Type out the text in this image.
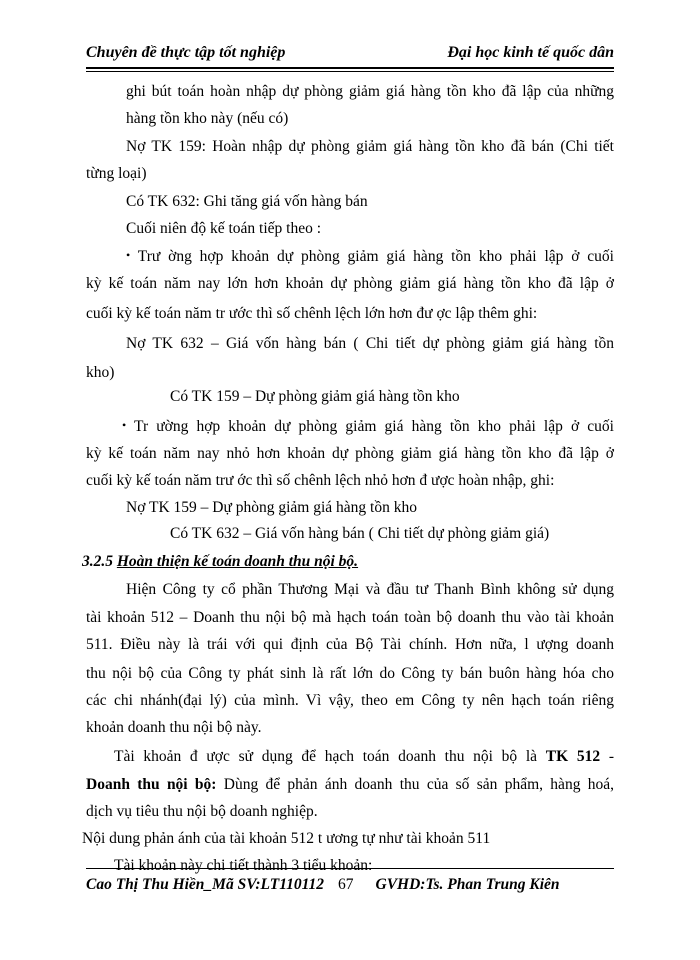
Chuyên đề thực tập tốt nghiệp	Đại học kinh tế quốc dân
ghi bút toán hoàn nhập dự phòng giảm giá hàng tồn kho đã lập của những
hàng tồn kho này (nếu có)
Nợ TK 159: Hoàn nhập dự phòng giảm giá hàng tồn kho đã bán (Chi tiết
từng loại)
Có TK 632: Ghi tăng giá vốn hàng bán
Cuối niên độ kế toán tiếp theo :
• Trư ờng hợp khoản dự phòng giảm giá hàng tồn kho phải lập ở cuối
kỳ kế toán năm nay lớn hơn khoản dự phòng giảm giá hàng tồn kho đã lập ở
cuối kỳ kế toán năm tr ước thì số chênh lệch lớn hơn đư ợc lập thêm ghi:
Nợ TK 632 – Giá vốn hàng bán ( Chi tiết dự phòng giảm giá hàng tồn
kho)
Có TK 159 – Dự phòng giảm giá hàng tồn kho
• Tr ường hợp khoản dự phòng giảm giá hàng tồn kho phải lập ở cuối
kỳ kế toán năm nay nhỏ hơn khoản dự phòng giảm giá hàng tồn kho đã lập ở
cuối kỳ kế toán năm trư ớc thì số chênh lệch nhỏ hơn đ ược hoàn nhập, ghi:
Nợ TK 159 – Dự phòng giảm giá hàng tồn kho
Có TK 632 – Giá vốn hàng bán ( Chi tiết dự phòng giảm giá)
3.2.5 Hoàn thiện kế toán doanh thu nội bộ.
Hiện Công ty cổ phần Thương Mại và đầu tư Thanh Bình không sử dụng
tài khoản 512 – Doanh thu nội bộ mà hạch toán toàn bộ doanh thu vào tài khoản
511. Điều này là trái với qui định của Bộ Tài chính. Hơn nữa, l ượng doanh
thu nội bộ của Công ty phát sinh là rất lớn do Công ty bán buôn hàng hóa cho
các chi nhánh(đại lý) của mình. Vì vậy, theo em Công ty nên hạch toán riêng
khoản doanh thu nội bộ này.
Tài khoản đ ược sử dụng để hạch toán doanh thu nội bộ là TK 512 -
Doanh thu nội bộ: Dùng để phản ánh doanh thu của số sản phẩm, hàng hoá,
dịch vụ tiêu thu nội bộ doanh nghiệp.
Nội dung phản ánh của tài khoản 512 t ương tự như tài khoản 511
Tài khoản này chi tiết thành 3 tiểu khoản:
Cao Thị Thu Hiền_Mã SV:LT110112 67 GVHD:Ts. Phan Trung Kiên
